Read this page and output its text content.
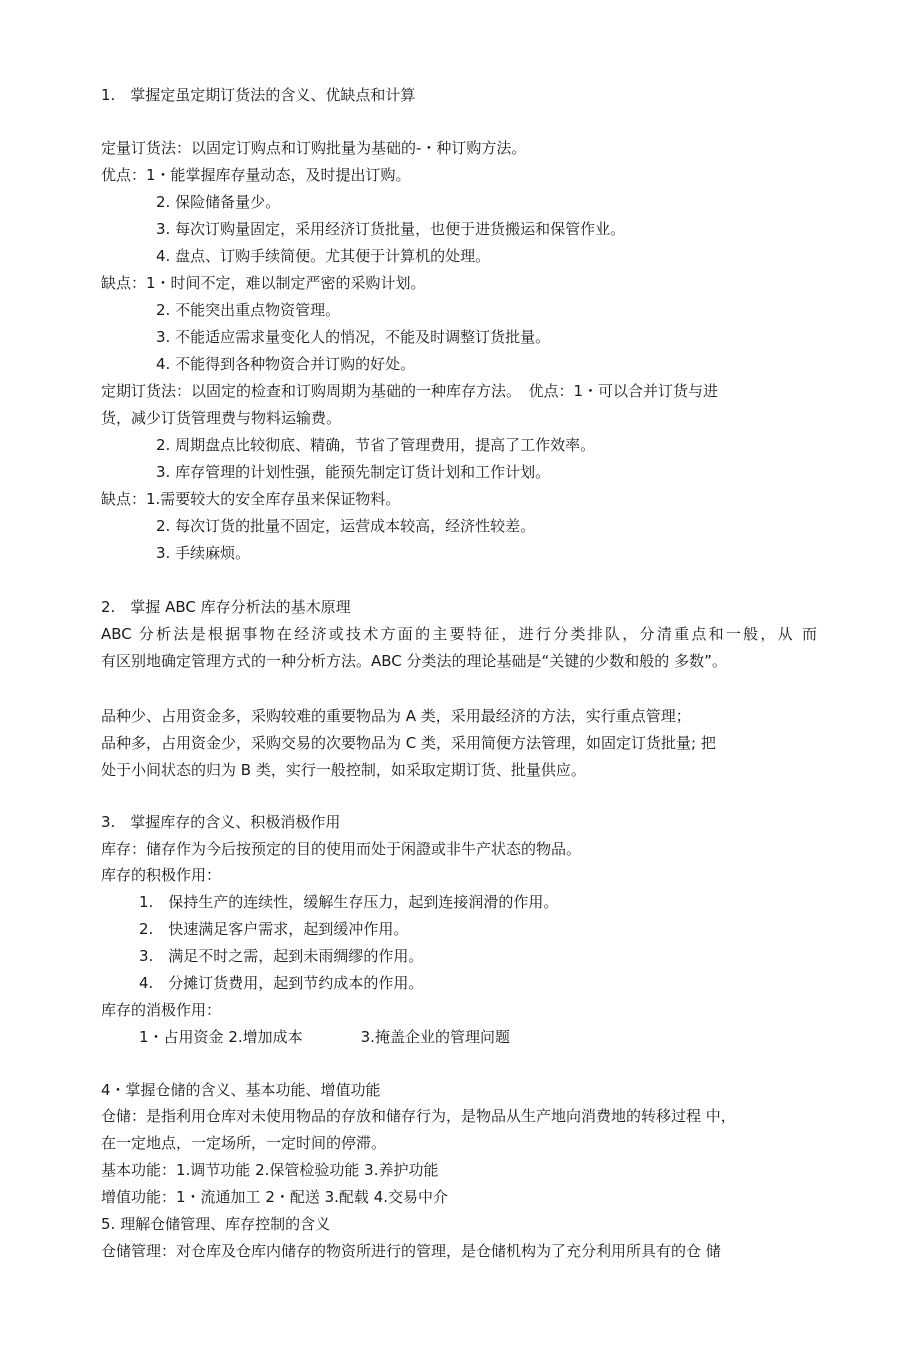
1.　掌握定虽定期订货法的含义、优缺点和计算
定量订货法：以固定订购点和订购批量为基础的-・种订购方法。
优点：1・能掌握库存量动态，及时提出订购。
2. 保险储备量少。
3. 每次订购量固定，采用经济订货批量，也便于进货搬运和保管作业。
4. 盘点、订购手续简便。尤其便于计算机的处理。
缺点：1・时间不定，难以制定严密的采购计划。
2. 不能突出重点物资管理。
3. 不能适应需求量变化人的悄况，不能及时调整订货批量。
4. 不能得到各种物资合并订购的好处。
定期订货法：以固定的检查和订购周期为基础的一种库存方法。　优点：1・可以合并订货与进
货，减少订货管理费与物料运输费。
2. 周期盘点比较彻底、精确，节省了管理费用，提高了工作效率。
3. 库存管理的计划性强，能预先制定订货计划和工作计划。
缺点：1.需要较大的安全库存虽来保证物料。
2. 每次订货的批量不固定，运营成本较高，经济性较差。
3. 手续麻烦。
2.　掌握 ABC 库存分析法的基木原理
ABC 分析法是根据事物在经济或技术方面的主要特征，进行分类排队，分清重点和一般，从 而
有区别地确定管理方式的一种分析方法。ABC 分类法的理论基础是“关键的少数和般的 多数”。
品种少、占用资金多，采购较难的重要物品为 A 类，采用最经济的方法，实行重点管理；
品种多，占用资金少，采购交易的次要物品为 C 类，采用简便方法管理，如固定订货批量; 把
处于小间状态的归为 B 类，实行一般控制，如采取定期订货、批量供应。
3.　掌握库存的含义、积极消极作用
库存：储存作为今后按预定的目的使用而处于闲證或非牛产状态的物品。
库存的积极作用：
1.　保持生产的连续性，缓解生存压力，起到连接润滑的作用。
2.　快速满足客户需求，起到缓冲作用。
3.　满足不时之需，起到未雨绸缪的作用。
4.　分摊订货费用，起到节约成本的作用。
库存的消极作用：
1・占用资金 2.增加成本	3.掩盖企业的管理问题
4・掌握仓储的含义、基本功能、增值功能
仓储：是指利用仓库对未使用物品的存放和储存行为，是物品从生产地向消费地的转移过程 中，
在一定地点，一定场所，一定时间的停滞。
基本功能：1.调节功能 2.保管检验功能 3.养护功能
增值功能：1・流通加工 2・配送 3.配载 4.交易中介
5. 理解仓储管理、库存控制的含义
仓储管理：对仓库及仓库内储存的物资所进行的管理，是仓储机构为了充分利用所具有的仓 储
